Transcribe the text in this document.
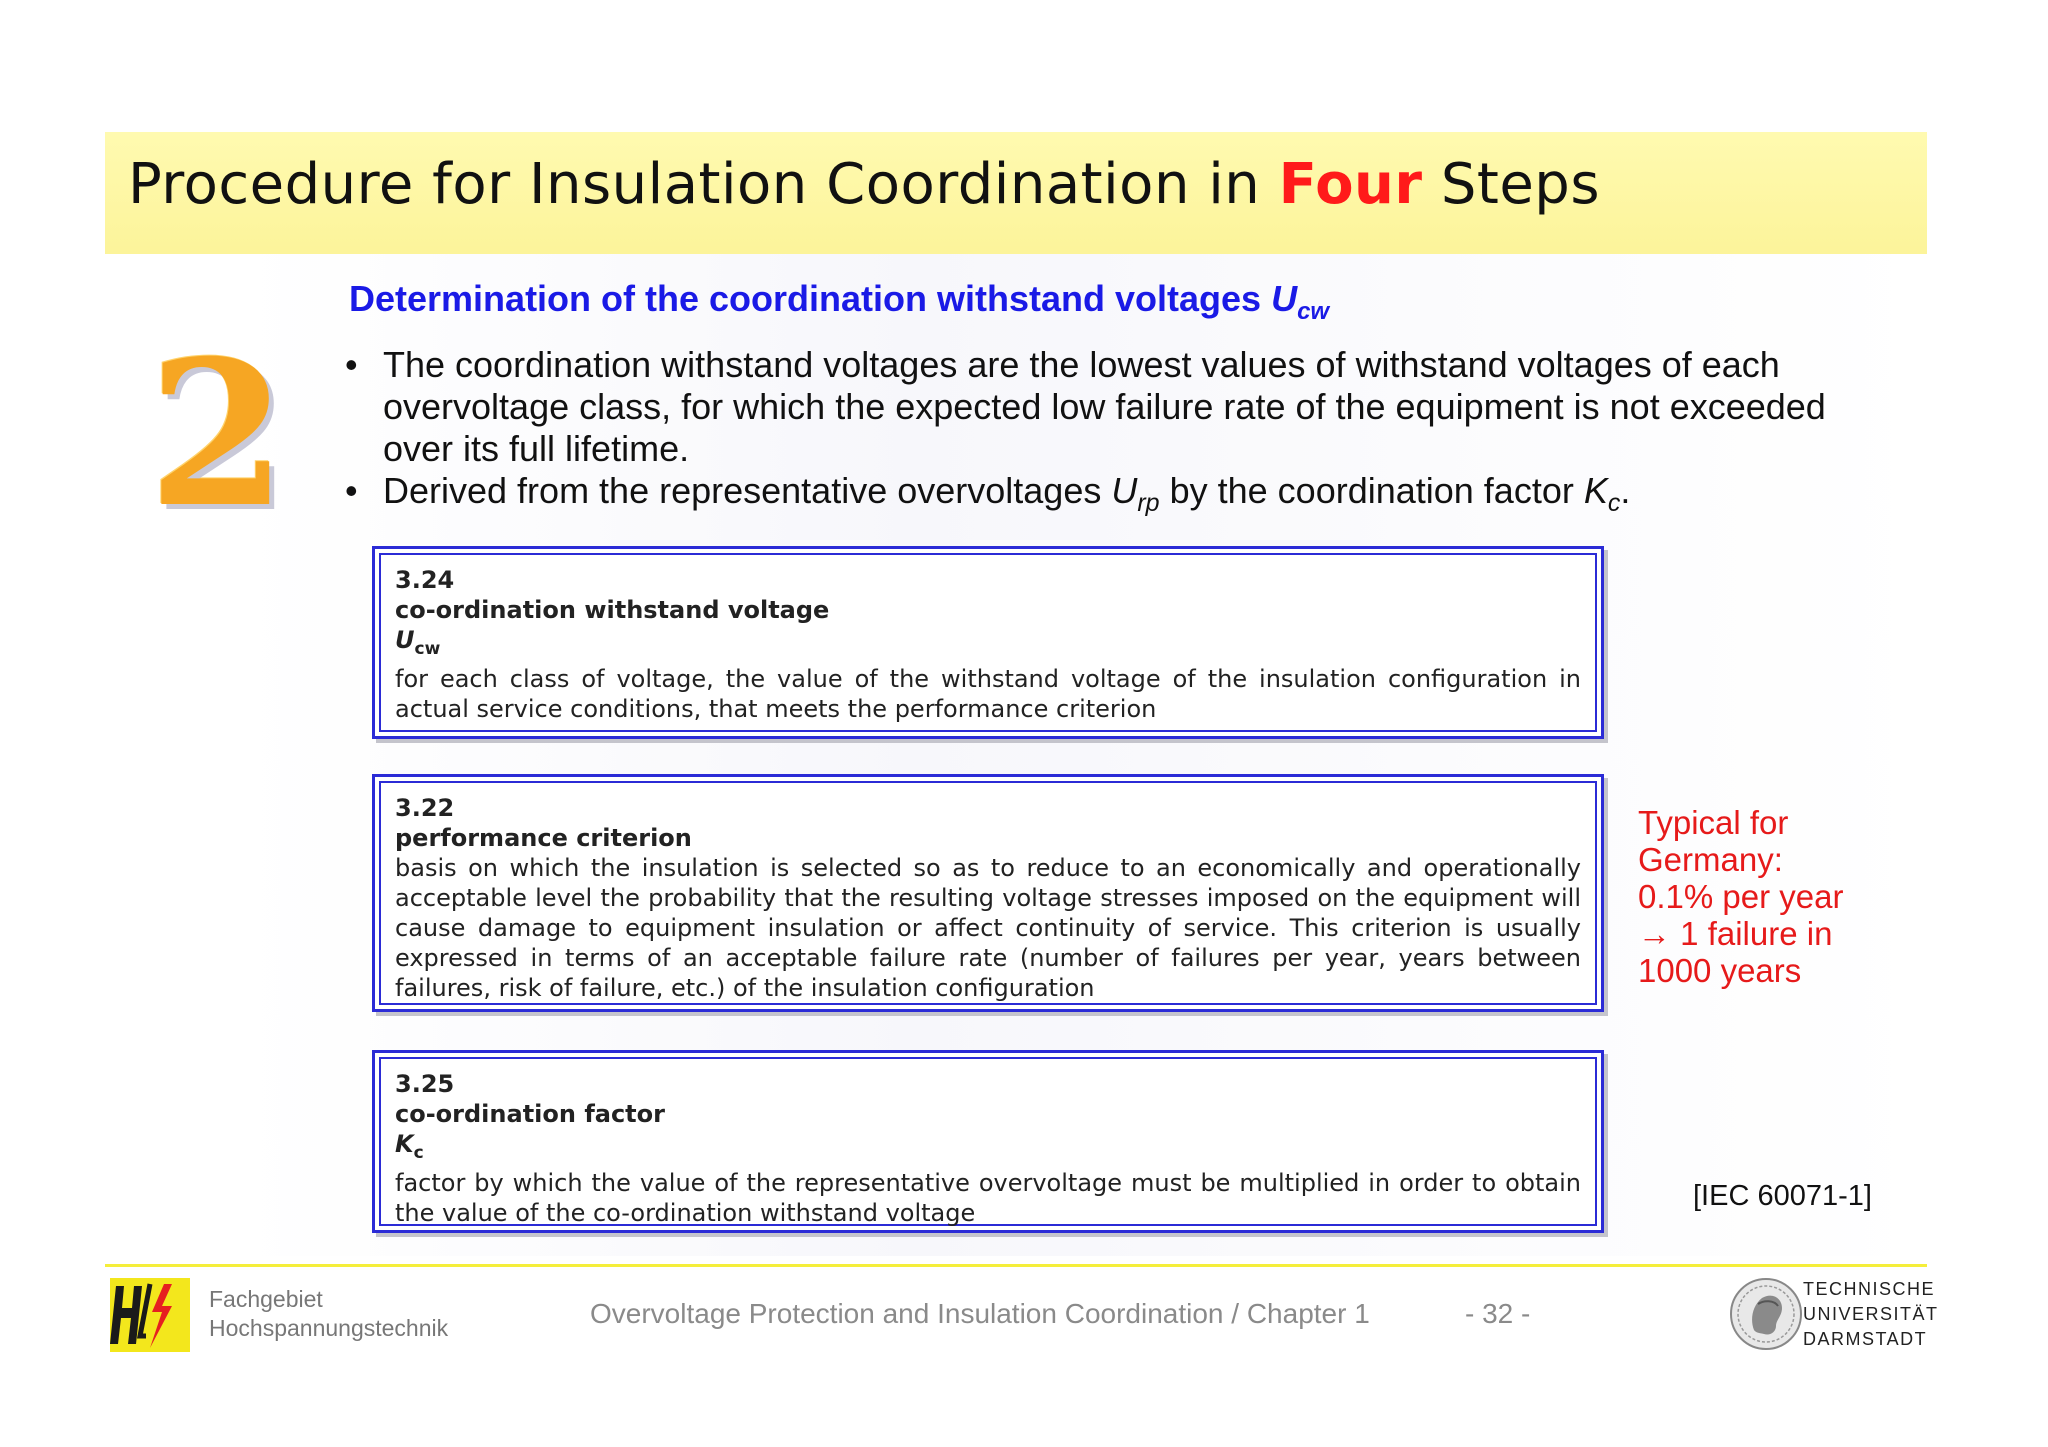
Procedure for Insulation Coordination in Four Steps
2
Determination of the coordination withstand voltages $U_{cw}$
• The coordination withstand voltages are the lowest values of withstand voltages of each overvoltage class, for which the expected low failure rate of the equipment is not exceeded over its full lifetime.
• Derived from the representative overvoltages $U_{rp}$ by the coordination factor $K_c$.
3.24
co-ordination withstand voltage
$U_{cw}$
for each class of voltage, the value of the withstand voltage of the insulation configuration in actual service conditions, that meets the performance criterion
3.22
performance criterion
basis on which the insulation is selected so as to reduce to an economically and operationally acceptable level the probability that the resulting voltage stresses imposed on the equipment will cause damage to equipment insulation or affect continuity of service. This criterion is usually expressed in terms of an acceptable failure rate (number of failures per year, years between failures, risk of failure, etc.) of the insulation configuration
3.25
co-ordination factor
$K_c$
factor by which the value of the representative overvoltage must be multiplied in order to obtain the value of the co-ordination withstand voltage
Typical for
Germany:
0.1% per year
→ 1 failure in
1000 years
[IEC 60071-1]
Fachgebiet
Hochspannungstechnik	Overvoltage Protection and Insulation Coordination / Chapter 1	- 32 -
TECHNISCHE
UNIVERSITÄT
DARMSTADT
